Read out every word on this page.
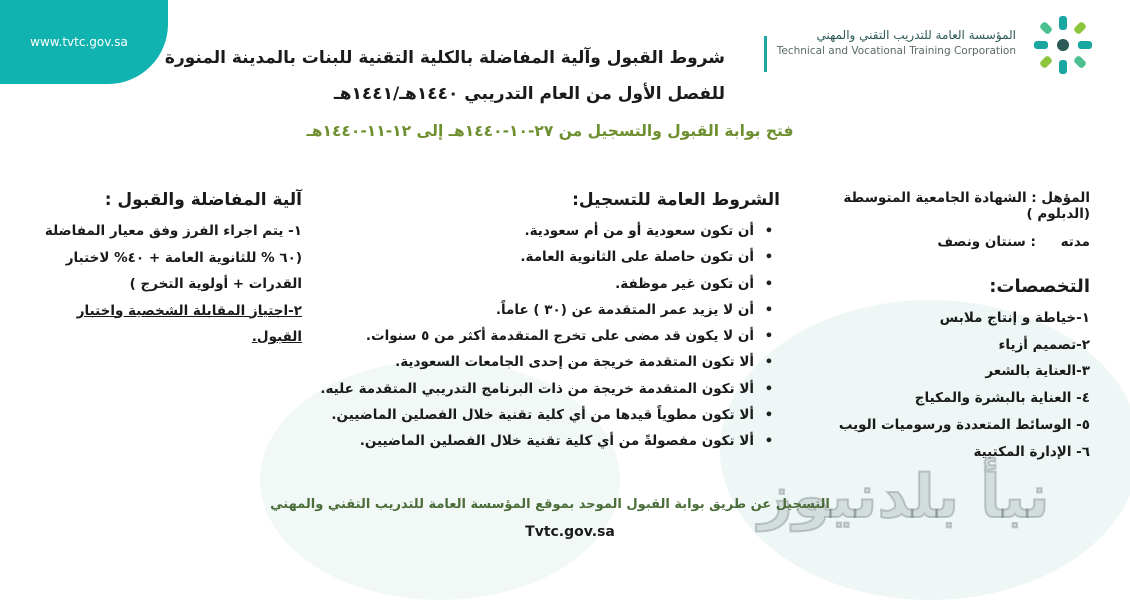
www.tvtc.gov.sa	المؤسسة العامة للتدريب التقني والمهني
Technical and Vocational Training Corporation
شروط القبول وآلية المفاضلة بالكلية التقنية للبنات بالمدينة المنورة
للفصل الأول من العام التدريبي ١٤٤٠هـ/١٤٤١هـ
فتح بوابة القبول والتسجيل من ٢٧-١٠-١٤٤٠هـ إلى ١٢-١١-١٤٤٠هـ
المؤهل : الشهادة الجامعية المتوسطة (الدبلوم )
مدته : سنتان ونصف
التخصصات:
١-خياطة و إنتاج ملابس
٢-تصميم أزياء
٣-العناية بالشعر
٤- العناية بالبشرة والمكياج
٥- الوسائط المتعددة ورسوميات الويب
٦- الإدارة المكتبية
الشروط العامة للتسجيل:
• أن تكون سعودية أو من أم سعودية.
• أن تكون حاصلة على الثانوية العامة.
• أن تكون غير موظفة.
• أن لا يزيد عمر المتقدمة عن (٣٠ ) عاماً.
• أن لا يكون قد مضى على تخرج المتقدمة أكثر من ٥ سنوات.
• ألا تكون المتقدمة خريجة من إحدى الجامعات السعودية.
• ألا تكون المتقدمة خريجة من ذات البرنامج التدريبي المتقدمة عليه.
• ألا تكون مطوياً قيدها من أي كلية تقنية خلال الفصلين الماضيين.
• ألا تكون مفصولةً من أي كلية تقنية خلال الفصلين الماضيين.
آلية المفاضلة والقبول :
١- يتم اجراء الفرز وفق معيار المفاضلة
(٦٠ % للثانوية العامة + ٤٠% لاختبار
القدرات + أولوية التخرج )
٢-اجتياز المقابلة الشخصية واختبار
القبول.
نبأ بلدنيوز
التسجيل عن طريق بوابة القبول الموحد بموقع المؤسسة العامة للتدريب التقني والمهني
Tvtc.gov.sa
